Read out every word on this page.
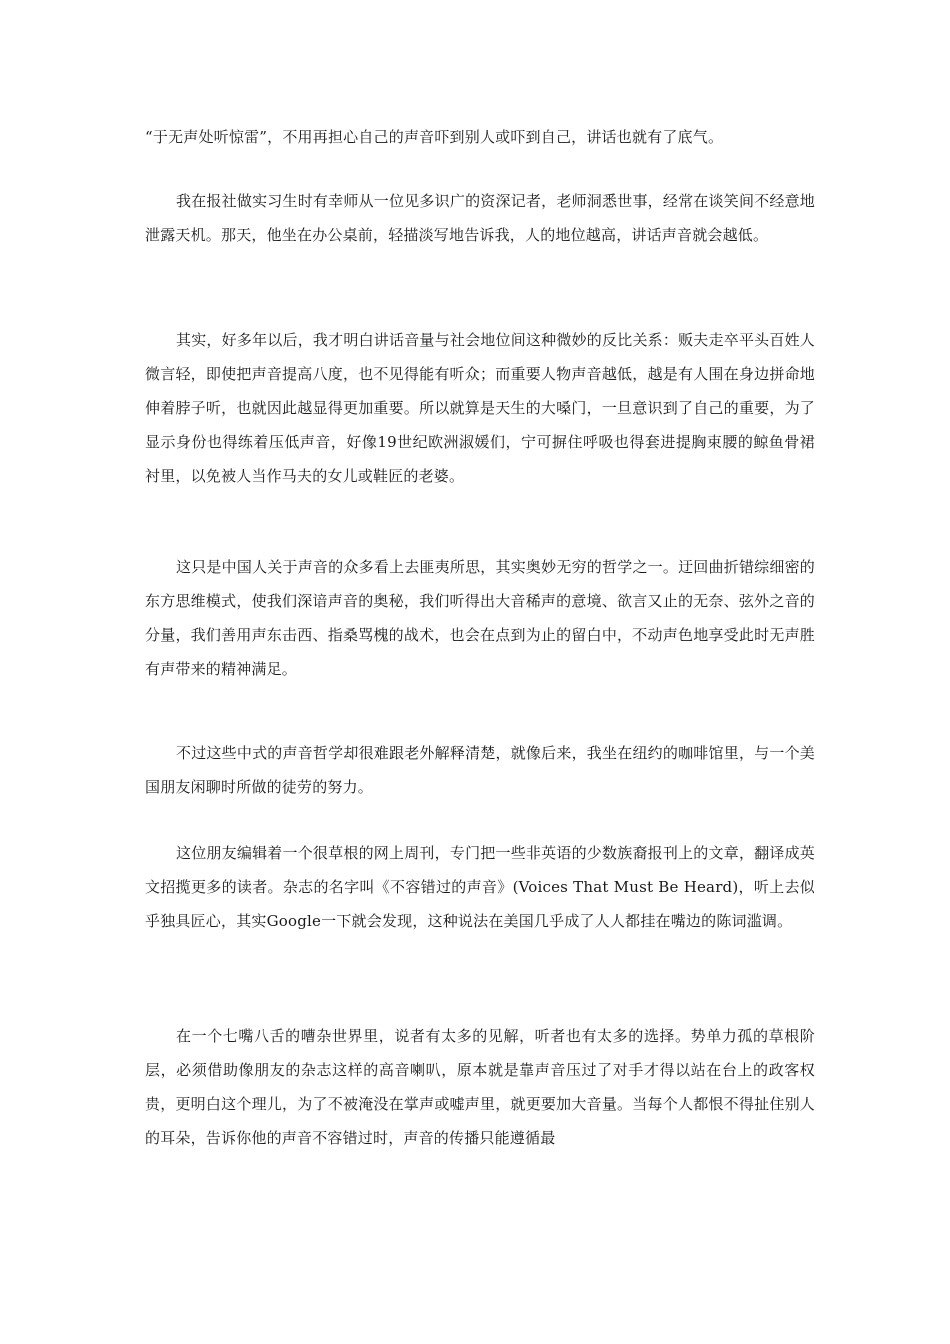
“于无声处听惊雷”，不用再担心自己的声音吓到别人或吓到自己，讲话也就有了底气。

我在报社做实习生时有幸师从一位见多识广的资深记者，老师洞悉世事，经常在谈笑间不经意地泄露天机。那天，他坐在办公桌前，轻描淡写地告诉我，人的地位越高，讲话声音就会越低。

其实，好多年以后，我才明白讲话音量与社会地位间这种微妙的反比关系：贩夫走卒平头百姓人微言轻，即使把声音提高八度，也不见得能有听众；而重要人物声音越低，越是有人围在身边拼命地伸着脖子听，也就因此越显得更加重要。所以就算是天生的大嗓门，一旦意识到了自己的重要，为了显示身份也得练着压低声音，好像19世纪欧洲淑媛们，宁可摒住呼吸也得套进提胸束腰的鲸鱼骨裙衬里，以免被人当作马夫的女儿或鞋匠的老婆。

这只是中国人关于声音的众多看上去匪夷所思，其实奥妙无穷的哲学之一。迂回曲折错综细密的东方思维模式，使我们深谙声音的奥秘，我们听得出大音稀声的意境、欲言又止的无奈、弦外之音的分量，我们善用声东击西、指桑骂槐的战术，也会在点到为止的留白中，不动声色地享受此时无声胜有声带来的精神满足。

不过这些中式的声音哲学却很难跟老外解释清楚，就像后来，我坐在纽约的咖啡馆里，与一个美国朋友闲聊时所做的徒劳的努力。

这位朋友编辑着一个很草根的网上周刊，专门把一些非英语的少数族裔报刊上的文章，翻译成英文招揽更多的读者。杂志的名字叫《不容错过的声音》(Voices That Must Be Heard)，听上去似乎独具匠心，其实Google一下就会发现，这种说法在美国几乎成了人人都挂在嘴边的陈词滥调。

在一个七嘴八舌的嘈杂世界里，说者有太多的见解，听者也有太多的选择。势单力孤的草根阶层，必须借助像朋友的杂志这样的高音喇叭，原本就是靠声音压过了对手才得以站在台上的政客权贵，更明白这个理儿，为了不被淹没在掌声或嘘声里，就更要加大音量。当每个人都恨不得扯住别人的耳朵，告诉你他的声音不容错过时，声音的传播只能遵循最
